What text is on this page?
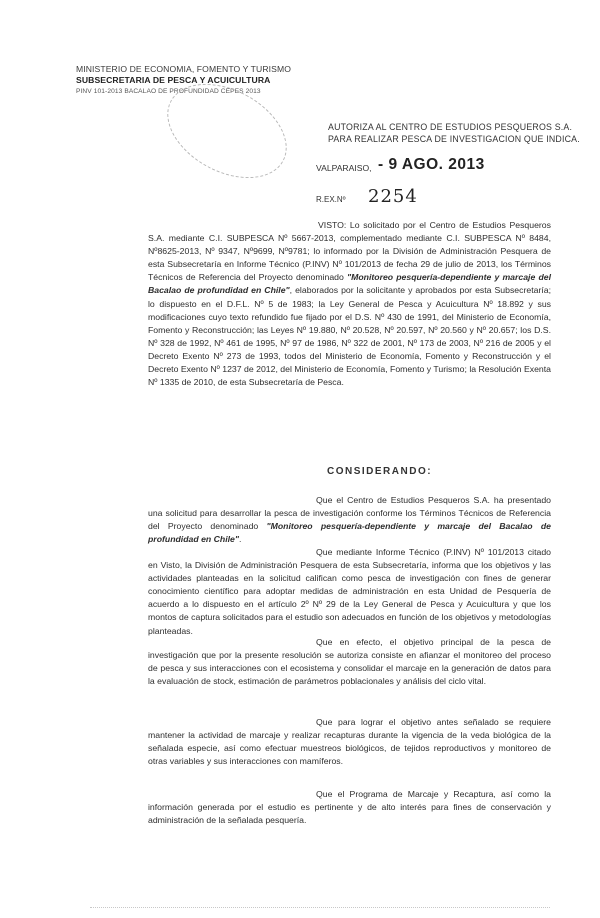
MINISTERIO DE ECONOMIA, FOMENTO Y TURISMO
SUBSECRETARIA DE PESCA Y ACUICULTURA
PINV 101-2013 BACALAO DE PROFUNDIDAD CEPES 2013
AUTORIZA AL CENTRO DE ESTUDIOS PESQUEROS S.A.
PARA REALIZAR PESCA DE INVESTIGACION QUE INDICA.
VALPARAISO, - 9 AGO. 2013
R.EX.Nº 2254
VISTO: Lo solicitado por el Centro de Estudios Pesqueros S.A. mediante C.I. SUBPESCA Nº 5667-2013, complementado mediante C.I. SUBPESCA Nº 8484, Nº8625-2013, Nº 9347, Nº9699, Nº9781; lo informado por la División de Administración Pesquera de esta Subsecretaría en Informe Técnico (P.INV) Nº 101/2013 de fecha 29 de julio de 2013, los Términos Técnicos de Referencia del Proyecto denominado "Monitoreo pesquería-dependiente y marcaje del Bacalao de profundidad en Chile", elaborados por la solicitante y aprobados por esta Subsecretaría; lo dispuesto en el D.F.L. Nº 5 de 1983; la Ley General de Pesca y Acuicultura Nº 18.892 y sus modificaciones cuyo texto refundido fue fijado por el D.S. Nº 430 de 1991, del Ministerio de Economía, Fomento y Reconstrucción; las Leyes Nº 19.880, Nº 20.528, Nº 20.597, Nº 20.560 y Nº 20.657; los D.S. Nº 328 de 1992, Nº 461 de 1995, Nº 97 de 1986, Nº 322 de 2001, Nº 173 de 2003, Nº 216 de 2005 y el Decreto Exento Nº 273 de 1993, todos del Ministerio de Economía, Fomento y Reconstrucción y el Decreto Exento Nº 1237 de 2012, del Ministerio de Economía, Fomento y Turismo; la Resolución Exenta Nº 1335 de 2010, de esta Subsecretaría de Pesca.
CONSIDERANDO:
Que el Centro de Estudios Pesqueros S.A. ha presentado una solicitud para desarrollar la pesca de investigación conforme los Términos Técnicos de Referencia del Proyecto denominado "Monitoreo pesquería-dependiente y marcaje del Bacalao de profundidad en Chile".
Que mediante Informe Técnico (P.INV) Nº 101/2013 citado en Visto, la División de Administración Pesquera de esta Subsecretaría, informa que los objetivos y las actividades planteadas en la solicitud califican como pesca de investigación con fines de generar conocimiento científico para adoptar medidas de administración en esta Unidad de Pesquería de acuerdo a lo dispuesto en el artículo 2º Nº 29 de la Ley General de Pesca y Acuicultura y que los montos de captura solicitados para el estudio son adecuados en función de los objetivos y metodologías planteadas.
Que en efecto, el objetivo principal de la pesca de investigación que por la presente resolución se autoriza consiste en afianzar el monitoreo del proceso de pesca y sus interacciones con el ecosistema y consolidar el marcaje en la generación de datos para la evaluación de stock, estimación de parámetros poblacionales y análisis del ciclo vital.
Que para lograr el objetivo antes señalado se requiere mantener la actividad de marcaje y realizar recapturas durante la vigencia de la veda biológica de la señalada especie, así como efectuar muestreos biológicos, de tejidos reproductivos y monitoreo de otras variables y sus interacciones con mamíferos.
Que el Programa de Marcaje y Recaptura, así como la información generada por el estudio es pertinente y de alto interés para fines de conservación y administración de la señalada pesquería.
